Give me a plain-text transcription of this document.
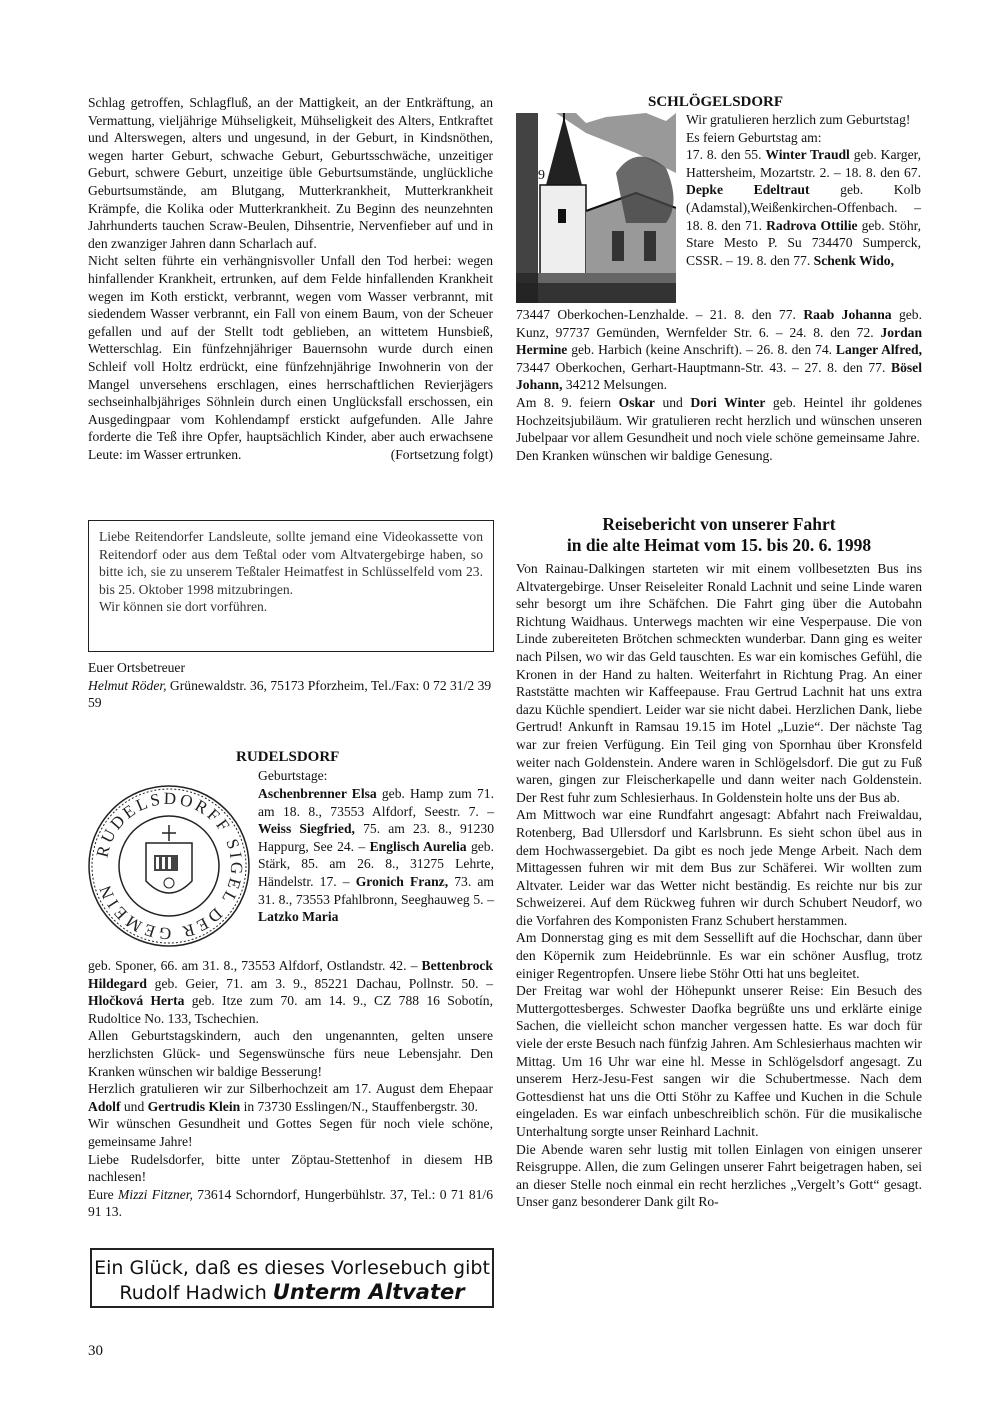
Schlag getroffen, Schlagfluß, an der Mattigkeit, an der Entkräftung, an Vermattung, vieljährige Mühseligkeit, Mühseligkeit des Alters, Entkraftet und Alterswegen, alters und ungesund, in der Geburt, in Kindsnöthen, wegen harter Geburt, schwache Geburt, Geburtsschwäche, unzeitiger Geburt, schwere Geburt, unzeitige üble Geburtsumstände, unglückliche Geburtsumstände, am Blutgang, Mutterkrankheit, Mutterkrankheit Krämpfe, die Kolika oder Mutterkrankheit. Zu Beginn des neunzehnten Jahrhunderts tauchen Scraw-Beulen, Dihsentrie, Nervenfieber auf und in den zwanziger Jahren dann Scharlach auf.

Nicht selten führte ein verhängnisvoller Unfall den Tod herbei: wegen hinfallender Krankheit, ertrunken, auf dem Felde hinfallenden Krankheit wegen im Koth erstickt, verbrannt, wegen vom Wasser verbrannt, mit siedendem Wasser verbrannt, ein Fall von einem Baum, von der Scheuer gefallen und auf der Stellt todt geblieben, an wittetem Hunsbieß, Wetterschlag. Ein fünfzehnjähriger Bauernsohn wurde durch einen Schleif voll Holtz erdrückt, eine fünfzehnjährige Inwohnerin von der Mangel unversehens erschlagen, eines herrschaftlichen Revierjägers sechseinhalbjähriges Söhnlein durch einen Unglücksfall erschossen, ein Ausgedingpaar vom Kohlendampf erstickt aufgefunden. Alle Jahre forderte die Teß ihre Opfer, hauptsächlich Kinder, aber auch erwachsene Leute: im Wasser ertrunken.	(Fortsetzung folgt)

Liebe Reitendorfer Landsleute, sollte jemand eine Videokassette von Reitendorf oder aus dem Teßtal oder vom Altvatergebirge haben, so bitte ich, sie zu unserem Teßtaler Heimatfest in Schlüsselfeld vom 23. bis 25. Oktober 1998 mitzubringen.

Wir können sie dort vorführen.

Euer Ortsbetreuer

Helmut Röder, Grünewaldstr. 36, 75173 Pforzheim, Tel./Fax: 0 72 31/2 39 59

RUDELSDORF
Geburtstage:
RUDELSDORFF SIGEL DER GEMEIN
Aschenbrenner Elsa geb. Hamp zum 71. am 18. 8., 73553 Alfdorf, Seestr. 7. – Weiss Siegfried, 75. am 23. 8., 91230 Happurg, See 24. – Englisch Aurelia geb. Stärk, 85. am 26. 8., 31275 Lehrte, Händelstr. 17. – Gronich Franz, 73. am 31. 8., 73553 Pfahlbronn, Seeghauweg 5. – Latzko Maria

geb. Sponer, 66. am 31. 8., 73553 Alfdorf, Ostlandstr. 42. – Bettenbrock Hildegard geb. Geier, 71. am 3. 9., 85221 Dachau, Pollnstr. 50. – Hločková Herta geb. Itze zum 70. am 14. 9., CZ 788 16 Sobotín, Rudoltice No. 133, Tschechien.

Allen Geburtstagskindern, auch den ungenannten, gelten unsere herzlichsten Glück- und Segenswünsche fürs neue Lebensjahr. Den Kranken wünschen wir baldige Besserung!

Herzlich gratulieren wir zur Silberhochzeit am 17. August dem Ehepaar Adolf und Gertrudis Klein in 73730 Esslingen/N., Stauffenbergstr. 30.

Wir wünschen Gesundheit und Gottes Segen für noch viele schöne, gemeinsame Jahre!

Liebe Rudelsdorfer, bitte unter Zöptau-Stettenhof in diesem HB nachlesen!

Eure Mizzi Fitzner, 73614 Schorndorf, Hungerbühlstr. 37, Tel.: 0 71 81/6 91 13.

Ein Glück, daß es dieses Vorlesebuch gibt
Rudolf Hadwich Unterm Altvater
30
SCHLÖGELSDORF
9

Wir gratulieren herzlich zum Geburtstag!

Es feiern Geburtstag am:

17. 8. den 55. Winter Traudl geb. Karger, Hattersheim, Mozartstr. 2. – 18. 8. den 67. Depke Edeltraut geb. Kolb (Adamstal),Weißenkirchen-Offenbach. – 18. 8. den 71. Radrova Ottilie geb. Stöhr, Stare Mesto P. Su 734470 Sumperck, CSSR. – 19. 8. den 77. Schenk Wido,

73447 Oberkochen-Lenzhalde. – 21. 8. den 77. Raab Johanna geb. Kunz, 97737 Gemünden, Wernfelder Str. 6. – 24. 8. den 72. Jordan Hermine geb. Harbich (keine Anschrift). – 26. 8. den 74. Langer Alfred, 73447 Oberkochen, Gerhart-Hauptmann-Str. 43. – 27. 8. den 77. Bösel Johann, 34212 Melsungen.

Am 8. 9. feiern Oskar und Dori Winter geb. Heintel ihr goldenes Hochzeitsjubiläum. Wir gratulieren recht herzlich und wünschen unseren Jubelpaar vor allem Gesundheit und noch viele schöne gemeinsame Jahre.

Den Kranken wünschen wir baldige Genesung.

Reisebericht von unserer Fahrt
in die alte Heimat vom 15. bis 20. 6. 1998

Von Rainau-Dalkingen starteten wir mit einem vollbesetzten Bus ins Altvatergebirge. Unser Reiseleiter Ronald Lachnit und seine Linde waren sehr besorgt um ihre Schäfchen. Die Fahrt ging über die Autobahn Richtung Waidhaus. Unterwegs machten wir eine Vesperpause. Die von Linde zubereiteten Brötchen schmeckten wunderbar. Dann ging es weiter nach Pilsen, wo wir das Geld tauschten. Es war ein komisches Gefühl, die Kronen in der Hand zu halten. Weiterfahrt in Richtung Prag. An einer Raststätte machten wir Kaffeepause. Frau Gertrud Lachnit hat uns extra dazu Küchle spendiert. Leider war sie nicht dabei. Herzlichen Dank, liebe Gertrud! Ankunft in Ramsau 19.15 im Hotel „Luzie“. Der nächste Tag war zur freien Verfügung. Ein Teil ging von Spornhau über Kronsfeld weiter nach Goldenstein. Andere waren in Schlögelsdorf. Die gut zu Fuß waren, gingen zur Fleischerkapelle und dann weiter nach Goldenstein. Der Rest fuhr zum Schlesierhaus. In Goldenstein holte uns der Bus ab.

Am Mittwoch war eine Rundfahrt angesagt: Abfahrt nach Freiwaldau, Rotenberg, Bad Ullersdorf und Karlsbrunn. Es sieht schon übel aus in dem Hochwassergebiet. Da gibt es noch jede Menge Arbeit. Nach dem Mittagessen fuhren wir mit dem Bus zur Schäferei. Wir wollten zum Altvater. Leider war das Wetter nicht beständig. Es reichte nur bis zur Schweizerei. Auf dem Rückweg fuhren wir durch Schubert Neudorf, wo die Vorfahren des Komponisten Franz Schubert herstammen.

Am Donnerstag ging es mit dem Sessellift auf die Hochschar, dann über den Köpernik zum Heidebrünnle. Es war ein schöner Ausflug, trotz einiger Regentropfen. Unsere liebe Stöhr Otti hat uns begleitet.

Der Freitag war wohl der Höhepunkt unserer Reise: Ein Besuch des Muttergottesberges. Schwester Daofka begrüßte uns und erklärte einige Sachen, die vielleicht schon mancher vergessen hatte. Es war doch für viele der erste Besuch nach fünfzig Jahren. Am Schlesierhaus machten wir Mittag. Um 16 Uhr war eine hl. Messe in Schlögelsdorf angesagt. Zu unserem Herz-Jesu-Fest sangen wir die Schubertmesse. Nach dem Gottesdienst hat uns die Otti Stöhr zu Kaffee und Kuchen in die Schule eingeladen. Es war einfach unbeschreiblich schön. Für die musikalische Unterhaltung sorgte unser Reinhard Lachnit.

Die Abende waren sehr lustig mit tollen Einlagen von einigen unserer Reisgruppe. Allen, die zum Gelingen unserer Fahrt beigetragen haben, sei an dieser Stelle noch einmal ein recht herzliches „Vergelt’s Gott“ gesagt. Unser ganz besonderer Dank gilt Ro-
